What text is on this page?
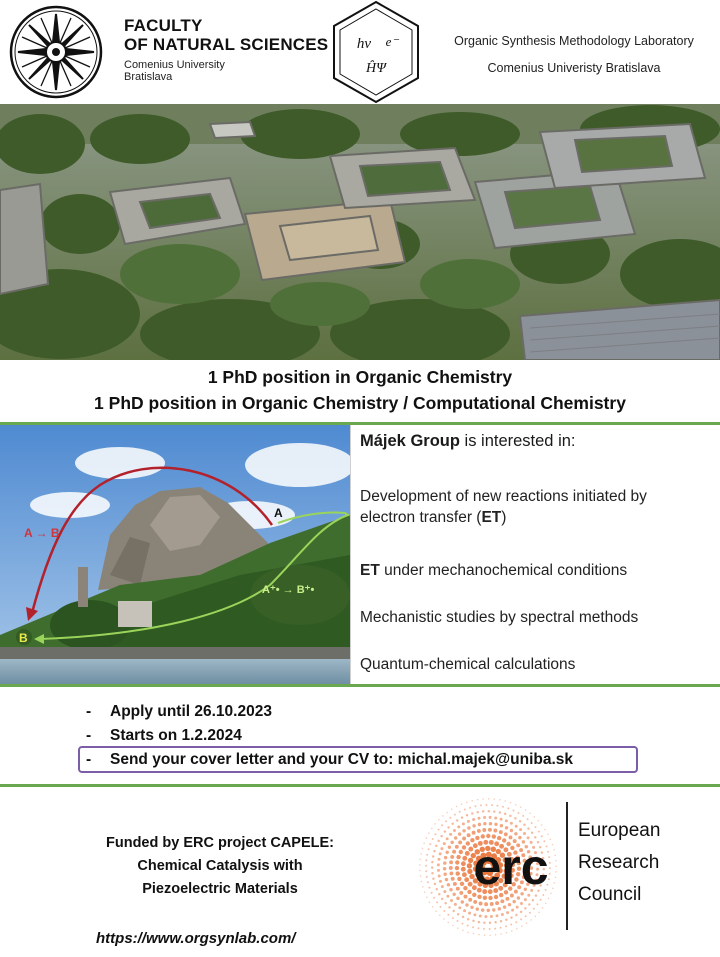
FACULTY
OF NATURAL SCIENCES
Comenius University
Bratislava
hν e⁻
ĤΨ
Organic Synthesis Methodology Laboratory
Comenius Univeristy Bratislava
1 PhD position in Organic Chemistry
1 PhD position in Organic Chemistry / Computational Chemistry
A → B
A
B
A⁺• → B⁺•
Májek Group is interested in:
Development of new reactions initiated by
electron transfer (ET)
ET under mechanochemical conditions
Mechanistic studies by spectral methods
Quantum-chemical calculations
- Apply until 26.10.2023
- Starts on 1.2.2024
- Send your cover letter and your CV to: michal.majek@uniba.sk
Funded by ERC project CAPELE:
Chemical Catalysis with
Piezoelectric Materials
https://www.orgsynlab.com/
erc
European
Research
Council
